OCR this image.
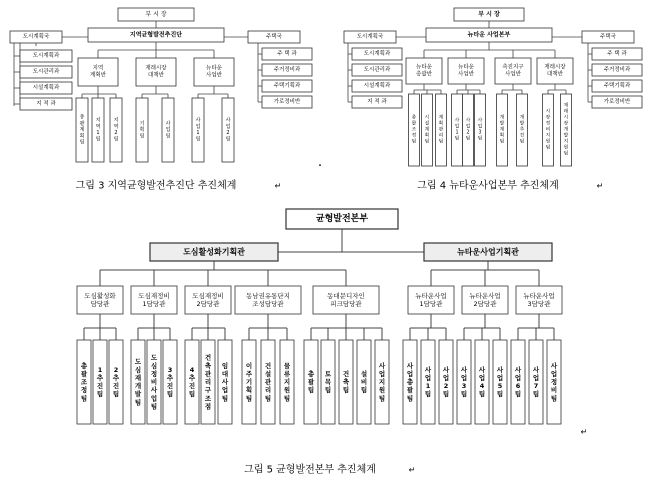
부 시 장
지역균형발전추진단
도시계획국
도시계획과
도시관리과
시설계획과
지 적 과
주택국
주 택 과
주거정비과
주택기획과
가로정비반
지역 계획반
재래시장 대책반
뉴타운 사업반
총 괄 계 획 팀
지 역 1 팀
지 역 2 팀
기 획 팀
사 업 팀
사 업 1 팀
사 업 2 팀
그림 3 지역균형발전추진단 추진체계	↵
•
부 시 장
뉴타운 사업본부
도시계획국
도시계획과
도시관리과
시설계획과
지 적 과
주택국
주 택 과
주거정비과
주택기획과
가로정비반
뉴타운 총괄반
뉴타운 사업반
촉진지구 사업반
재래시장 대책반
총 괄 조 정 팀
시 설 계 획 팀
계 획 관 리 팀
사 업 1 팀
사 업 2 팀
사 업 3 팀
개 발 계 획 팀
개 발 추 진 팀
시 장 정 비 지 원 팀
재 래 시 장 개 발 지 원 팀
그림 4 뉴타운사업본부 추진체계	↵
균형발전본부
도심활성화기획관	뉴타운사업기획관
도심활성화 담당관
도심재정비 1담당관
도심재정비 2담당관
동남권유통단지 조성담당관
동대문디자인 피크담당관
뉴타운사업 1담당관
뉴타운사업 2담당관
뉴타운사업 3담당관
총 괄 조 정 팀
1 추 진 팀
2 추 진 팀
도 심 재 개 발 팀
도 심 정 비 사 업 팀
3 추 진 팀
4 추 진 팀
건 축 관 리 구 조 점
임 대 사 업 팀
이 주 기 획 팀
건 설 관 리 팀
물 류 지 원 팀
총 괄 팀
토 목 팀
건 축 팀
설 비 팀
사 업 지 원 팀
사 업 총 괄 팀
사 업 1 팀
사 업 2 팀
사 업 3 팀
사 업 4 팀
사 업 5 팀
사 업 6 팀
사 업 7 팀
사 업 정 비 팀
그림 5 균형발전본부 추진체계	↵
↵
